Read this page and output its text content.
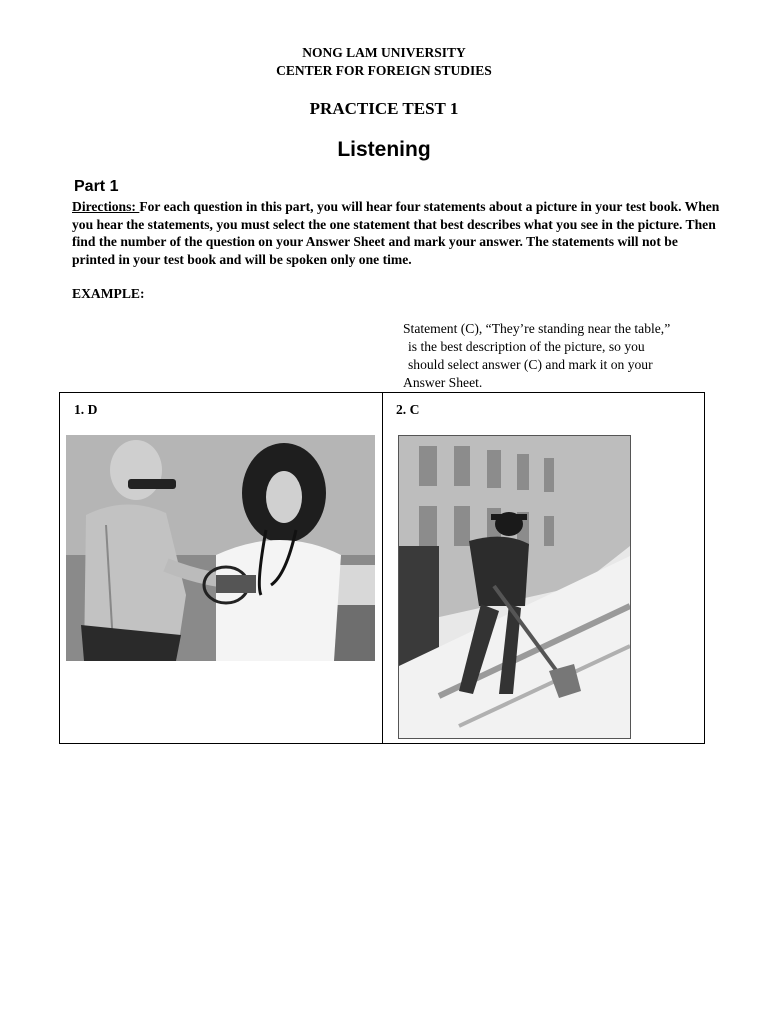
NONG LAM UNIVERSITY
CENTER FOR FOREIGN STUDIES
PRACTICE TEST 1
Listening
Part 1
Directions: For each question in this part, you will hear four statements about a picture in your test book. When you hear the statements, you must select the one statement that best describes what you see in the picture. Then find the number of the question on your Answer Sheet and mark your answer. The statements will not be printed in your test book and will be spoken only one time.
EXAMPLE:
Statement (C), “They’re standing near the table,”
is the best description of the picture, so you
should select answer (C) and mark it on your
Answer Sheet.
1. D	2. C
